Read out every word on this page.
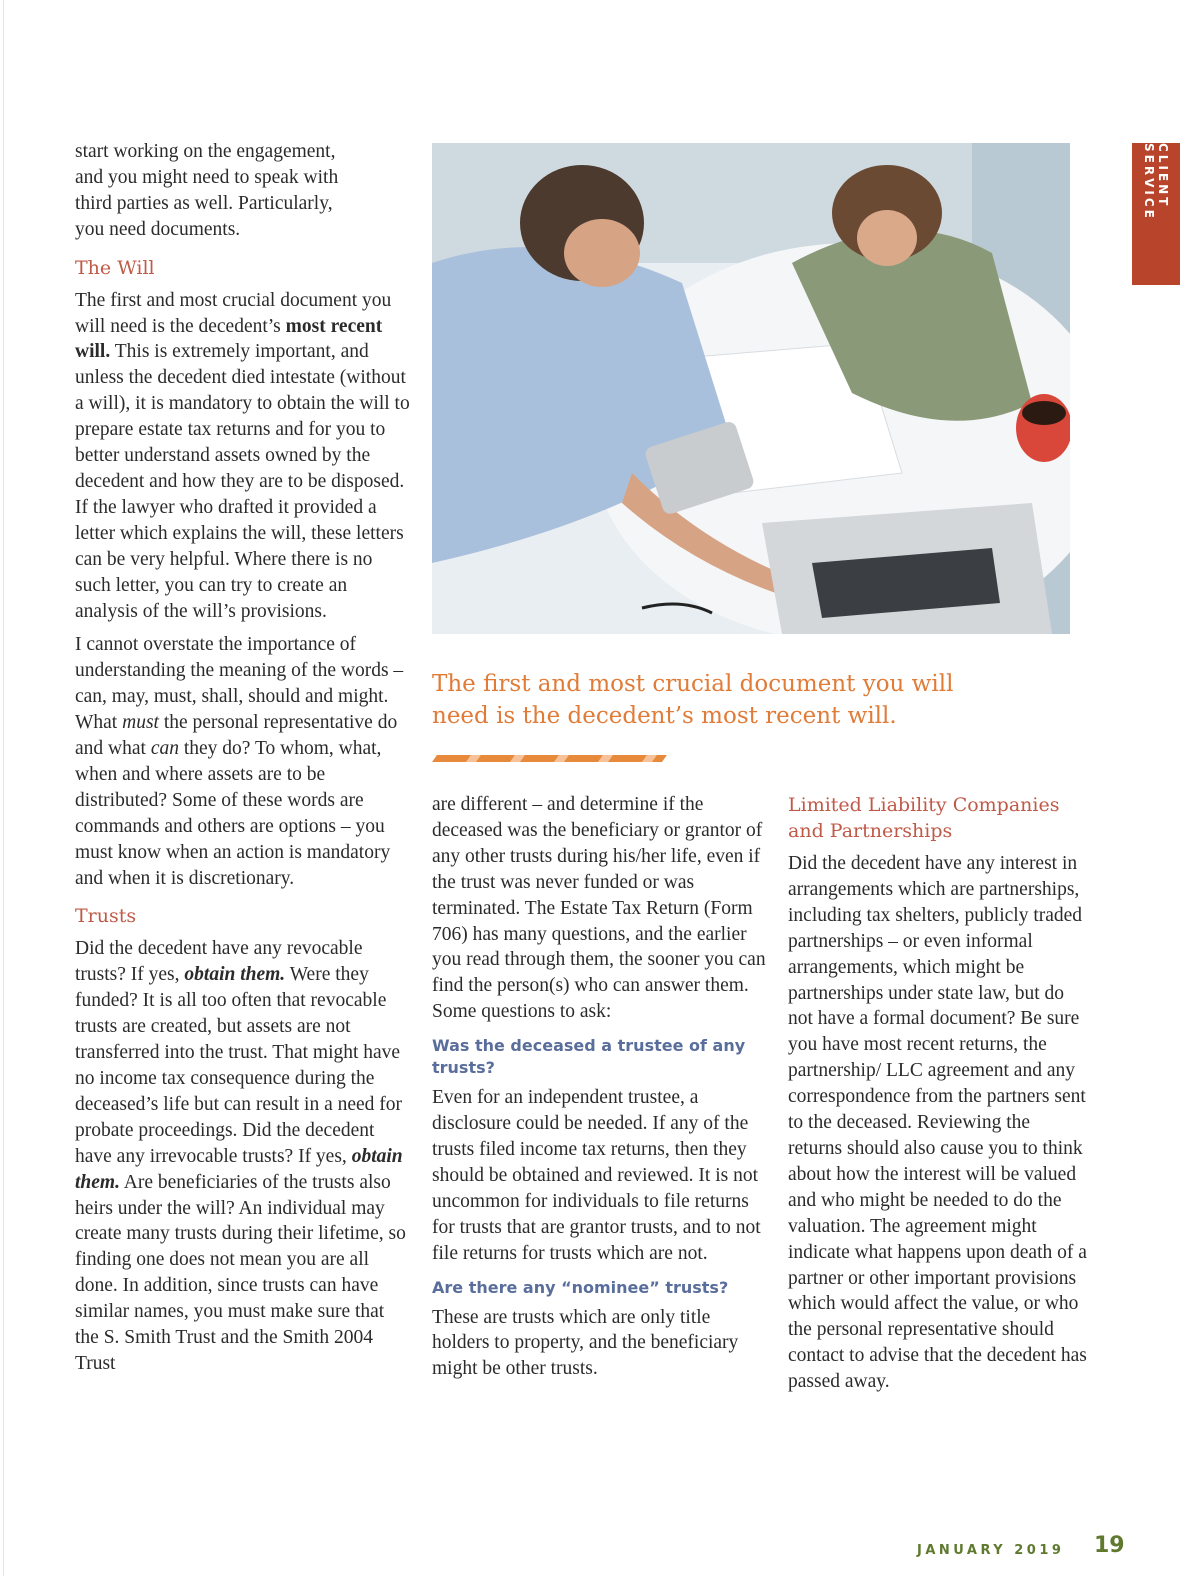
start working on the engagement,
and you might need to speak with
third parties as well. Particularly,
you need documents.

The Will

The first and most crucial document you will need is the decedent’s most recent will. This is extremely important, and unless the decedent died intestate (without a will), it is mandatory to obtain the will to prepare estate tax returns and for you to better understand assets owned by the decedent and how they are to be disposed. If the lawyer who drafted it provided a letter which explains the will, these letters can be very helpful. Where there is no such letter, you can try to create an analysis of the will’s provisions.

I cannot overstate the importance of understanding the meaning of the words – can, may, must, shall, should and might. What must the personal representative do and what can they do? To whom, what, when and where assets are to be distributed? Some of these words are commands and others are options – you must know when an action is mandatory and when it is discretionary.

Trusts

Did the decedent have any revocable trusts? If yes, obtain them. Were they funded? It is all too often that revocable trusts are created, but assets are not transferred into the trust. That might have no income tax consequence during the deceased’s life but can result in a need for probate proceedings. Did the decedent have any irrevocable trusts? If yes, obtain them. Are beneficiaries of the trusts also heirs under the will? An individual may create many trusts during their lifetime, so finding one does not mean you are all done. In addition, since trusts can have similar names, you must make sure that the S. Smith Trust and the Smith 2004 Trust

The first and most crucial document you will
need is the decedent’s most recent will.

are different – and determine if the deceased was the beneficiary or grantor of any other trusts during his/her life, even if the trust was never funded or was terminated. The Estate Tax Return (Form 706) has many questions, and the earlier you read through them, the sooner you can find the person(s) who can answer them. Some questions to ask:

Was the deceased a trustee of any trusts?

Even for an independent trustee, a disclosure could be needed. If any of the trusts filed income tax returns, then they should be obtained and reviewed. It is not uncommon for individuals to file returns for trusts that are grantor trusts, and to not file returns for trusts which are not.

Are there any “nominee” trusts?

These are trusts which are only title holders to property, and the beneficiary might be other trusts.

Limited Liability Companies and Partnerships

Did the decedent have any interest in arrangements which are partnerships, including tax shelters, publicly traded partnerships – or even informal arrangements, which might be partnerships under state law, but do not have a formal document? Be sure you have most recent returns, the partnership/ LLC agreement and any correspondence from the partners sent to the deceased. Reviewing the returns should also cause you to think about how the interest will be valued and who might be needed to do the valuation. The agreement might indicate what happens upon death of a partner or other important provisions which would affect the value, or who the personal representative should contact to advise that the decedent has passed away.

CLIENT SERVICE
JANUARY 2019 19
